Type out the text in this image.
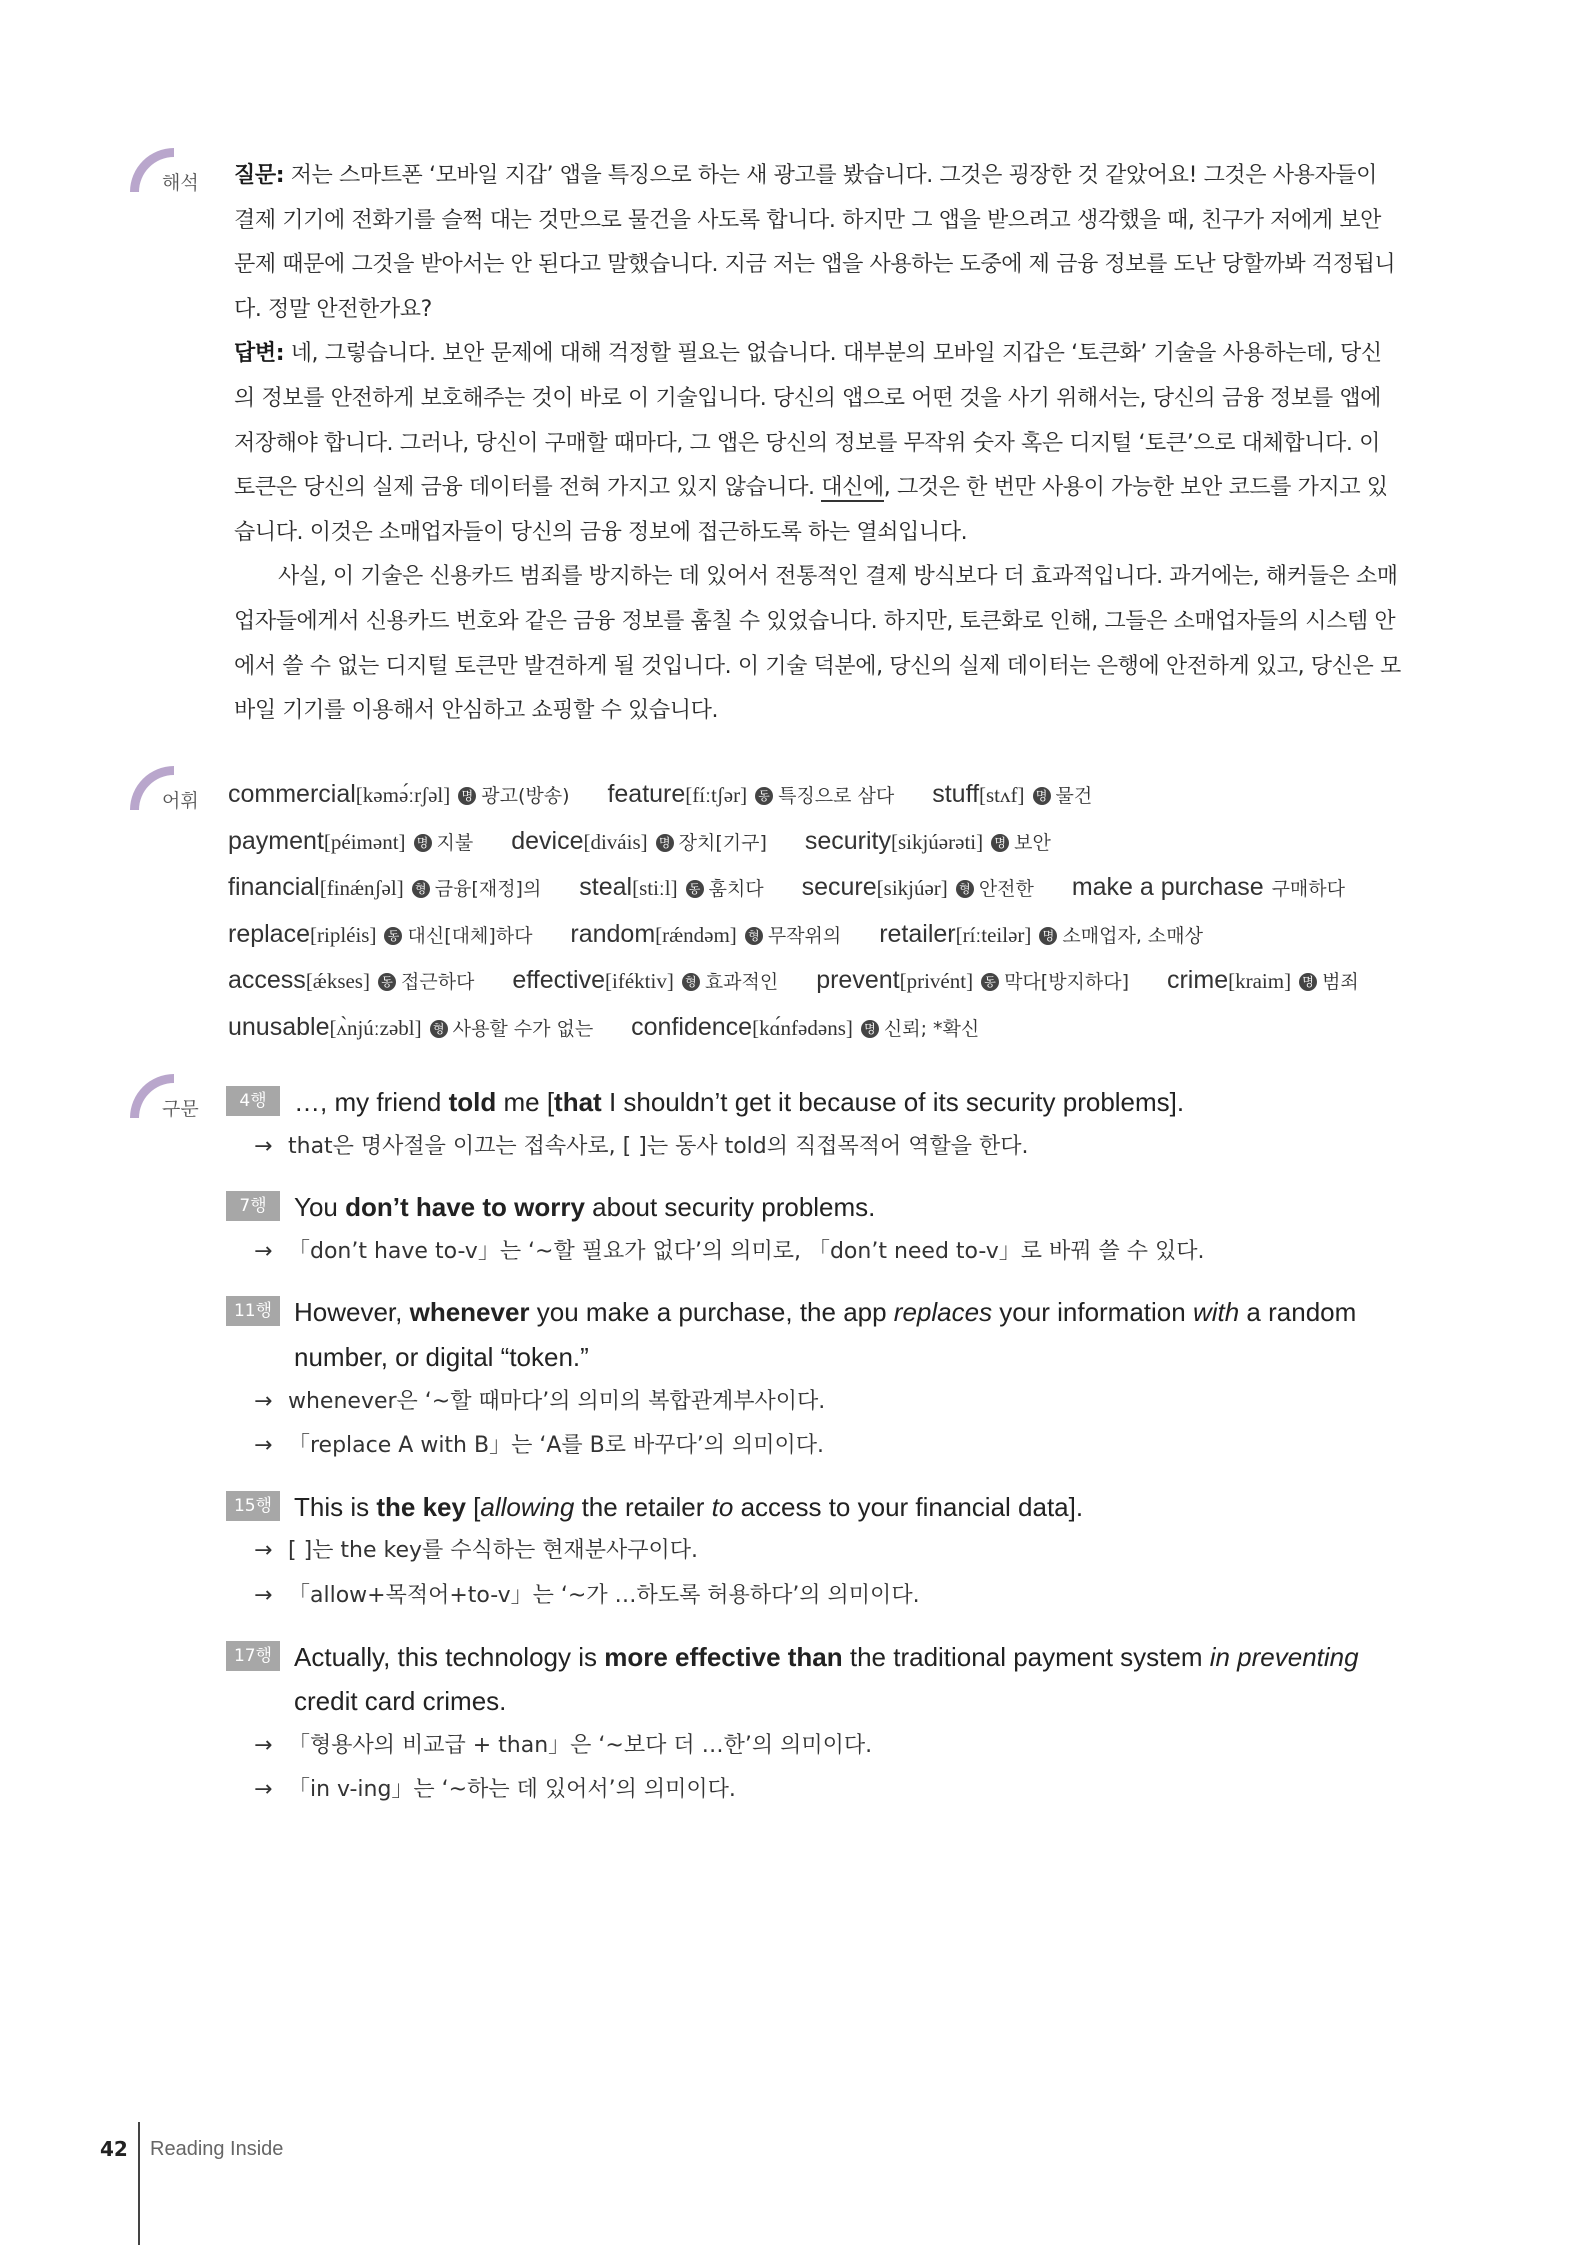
해석 질문: 저는 스마트폰 ‘모바일 지갑’ 앱을 특징으로 하는 새 광고를 봤습니다. 그것은 굉장한 것 같았어요! 그것은 사용자들이 결제 기기에 전화기를 슬쩍 대는 것만으로 물건을 사도록 합니다. 하지만 그 앱을 받으려고 생각했을 때, 친구가 저에게 보안 문제 때문에 그것을 받아서는 안 된다고 말했습니다. 지금 저는 앱을 사용하는 도중에 제 금융 정보를 도난 당할까봐 걱정됩니다. 정말 안전한가요?

답변: 네, 그렇습니다. 보안 문제에 대해 걱정할 필요는 없습니다. 대부분의 모바일 지갑은 ‘토큰화’ 기술을 사용하는데, 당신의 정보를 안전하게 보호해주는 것이 바로 이 기술입니다. 당신의 앱으로 어떤 것을 사기 위해서는, 당신의 금융 정보를 앱에 저장해야 합니다. 그러나, 당신이 구매할 때마다, 그 앱은 당신의 정보를 무작위 숫자 혹은 디지털 ‘토큰’으로 대체합니다. 이 토큰은 당신의 실제 금융 데이터를 전혀 가지고 있지 않습니다. 대신에, 그것은 한 번만 사용이 가능한 보안 코드를 가지고 있습니다. 이것은 소매업자들이 당신의 금융 정보에 접근하도록 하는 열쇠입니다.

사실, 이 기술은 신용카드 범죄를 방지하는 데 있어서 전통적인 결제 방식보다 더 효과적입니다. 과거에는, 해커들은 소매업자들에게서 신용카드 번호와 같은 금융 정보를 훔칠 수 있었습니다. 하지만, 토큰화로 인해, 그들은 소매업자들의 시스템 안에서 쓸 수 없는 디지털 토큰만 발견하게 될 것입니다. 이 기술 덕분에, 당신의 실제 데이터는 은행에 안전하게 있고, 당신은 모바일 기기를 이용해서 안심하고 쇼핑할 수 있습니다.

어휘 commercial[kəmə́ːrʃəl] 명 광고(방송) feature[fíːtʃər] 동 특징으로 삼다 stuff[stʌf] 명 물건 payment[péimənt] 명 지불 device[diváis] 명 장치[기구] security[sikjúərəti] 명 보안 financial[finǽnʃəl] 형 금융[재정]의 steal[stiːl] 동 훔치다 secure[sikjúər] 형 안전한 make a purchase 구매하다 replace[ripléis] 동 대신[대체]하다 random[rǽndəm] 형 무작위의 retailer[ríːteilər] 명 소매업자, 소매상 access[ǽkses] 동 접근하다 effective[iféktiv] 형 효과적인 prevent[privént] 동 막다[방지하다] crime[kraim] 명 범죄 unusable[ʌ̀njúːzəbl] 형 사용할 수가 없는 confidence[kɑ́nfədəns] 명 신뢰; *확신
구문	4행	…, my friend told me [that I shouldn’t get it because of its security problems].
→ that은 명사절을 이끄는 접속사로, [ ]는 동사 told의 직접목적어 역할을 한다.
7행	You don’t have to worry about security problems.
→ 「don’t have to-v」는 ‘~할 필요가 없다’의 의미로, 「don’t need to-v」로 바꿔 쓸 수 있다.
11행 However, whenever you make a purchase, the app replaces your information with a random number, or digital “token.”
→ whenever은 ‘~할 때마다’의 의미의 복합관계부사이다.
→ 「replace A with B」는 ‘A를 B로 바꾸다’의 의미이다.
15행 This is the key [allowing the retailer to access to your financial data].
→ [ ]는 the key를 수식하는 현재분사구이다.
→ 「allow+목적어+to-v」는 ‘~가 …하도록 허용하다’의 의미이다.
17행 Actually, this technology is more effective than the traditional payment system in preventing credit card crimes.
→ 「형용사의 비교급 + than」은 ‘~보다 더 …한’의 의미이다.
→ 「in v-ing」는 ‘~하는 데 있어서’의 의미이다.
42 Reading Inside
